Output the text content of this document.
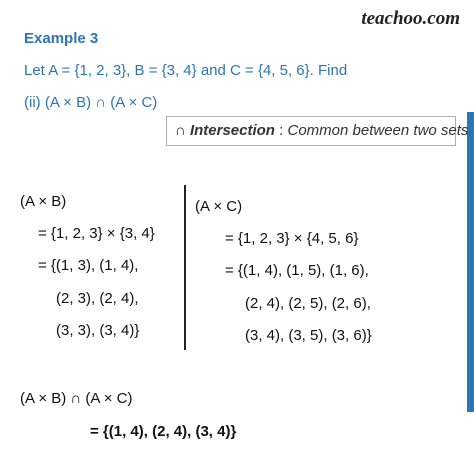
teachoo.com
Example 3
Let A = {1, 2, 3}, B = {3, 4} and C = {4, 5, 6}. Find
(ii) (A × B) ∩ (A × C)
∩ Intersection : Common between two sets
(A × B)
= {1, 2, 3} × {3, 4}
= {(1, 3), (1, 4),
(2, 3), (2, 4),
(3, 3), (3, 4)}
(A × C)
= {1, 2, 3} × {4, 5, 6}
= {(1, 4), (1, 5), (1, 6),
(2, 4), (2, 5), (2, 6),
(3, 4), (3, 5), (3, 6)}
(A × B) ∩ (A × C)
= {(1, 4), (2, 4), (3, 4)}
